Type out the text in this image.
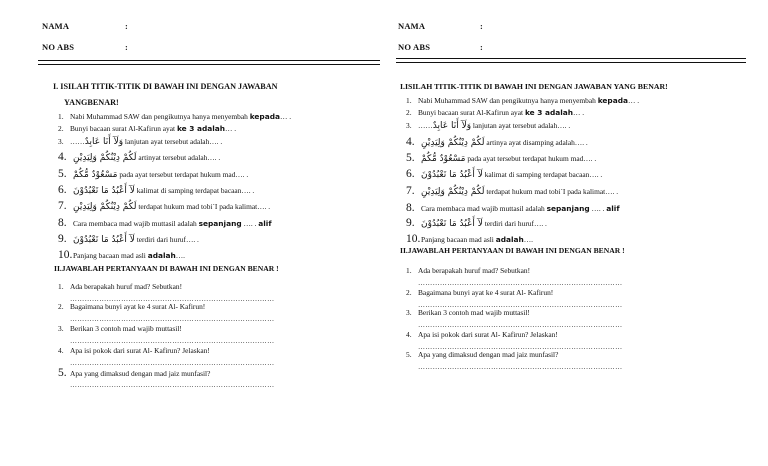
NAMA	:
NO ABS	:
I. ISILAH TITIK-TITIK DI BAWAH INI DENGAN JAWABAN
YANGBENAR!
1.Nabi Muhammad SAW dan pengikutnya hanya menyembah kepada… .
2.Bunyi bacaan surat Al-Kafirun ayat ke 3 adalah… .
3.……وَلَآ أَنَا عَابِدٌ lanjutan ayat tersebut adalah…. .
4.لَكُمْ دِيْنُكُمْ وَلِيَدِيْنِ artinyat tersebut adalah…. .
5.مَسْعُوْدٌ مُّكُمْ pada ayat tersebut terdapat hukum mad…. .
6.لَآ أَعْبُدُ مَا تَعْبُدُوْنَ kalimat di samping terdapat bacaan…. .
7.لَكُمْ دِيْنُكُمْ وَلِيَدِيْنِ terdapat hukum mad tobi`I pada kalimat…. .
8.Cara membaca mad wajib muttasil adalah sepanjang …. . alif
9.لَآ أَعْبُدُ مَا تَعْبُدُوْنَ terdiri dari huruf…. .
10.Panjang bacaan mad asli adalah….
II.JAWABLAH PERTANYAAN DI BAWAH INI DENGAN BENAR !
1.Ada berapakah huruf mad? Sebutkan!
…………………………………………………………………………
2.Bagaimana bunyi ayat ke 4 surat Al- Kafirun!
…………………………………………………………………………
3.Berikan 3 contoh mad wajib muttasil!
…………………………………………………………………………
4.Apa isi pokok dari surat Al- Kafirun? Jelaskan!
…………………………………………………………………………
5.Apa yang dimaksud dengan mad jaiz munfasil?
…………………………………………………………………………
NAMA	:
NO ABS	:
I.ISILAH TITIK-TITIK DI BAWAH INI DENGAN JAWABAN YANG BENAR!
1.Nabi Muhammad SAW dan pengikutnya hanya menyembah kepada… .
2.Bunyi bacaan surat Al-Kafirun ayat ke 3 adalah… .
3.……وَلَآ أَنَا عَابِدٌ lanjutan ayat tersebut adalah…. .
4.لَكُمْ دِيْنُكُمْ وَلِيَدِيْنِ artinya ayat disamping adalah…. .
5.مَسْعُوْدٌ مُّكُمْ pada ayat tersebut terdapat hukum mad…. .
6.لَآ أَعْبُدُ مَا تَعْبُدُوْنَ kalimat di samping terdapat bacaan…. .
7.لَكُمْ دِيْنُكُمْ وَلِيَدِيْنِ terdapat hukum mad tobi`I pada kalimat…. .
8.Cara membaca mad wajib muttasil adalah sepanjang …. . alif
9.لَآ أَعْبُدُ مَا تَعْبُدُوْنَ terdiri dari huruf…. .
10.Panjang bacaan mad asli adalah….
II.JAWABLAH PERTANYAAN DI BAWAH INI DENGAN BENAR !
1.Ada berapakah huruf mad? Sebutkan!
…………………………………………………………………………
2.Bagaimana bunyi ayat ke 4 surat Al- Kafirun!
…………………………………………………………………………
3.Berikan 3 contoh mad wajib muttasil!
…………………………………………………………………………
4.Apa isi pokok dari surat Al- Kafirun? Jelaskan!
…………………………………………………………………………
5.Apa yang dimaksud dengan mad jaiz munfasil?
…………………………………………………………………………
